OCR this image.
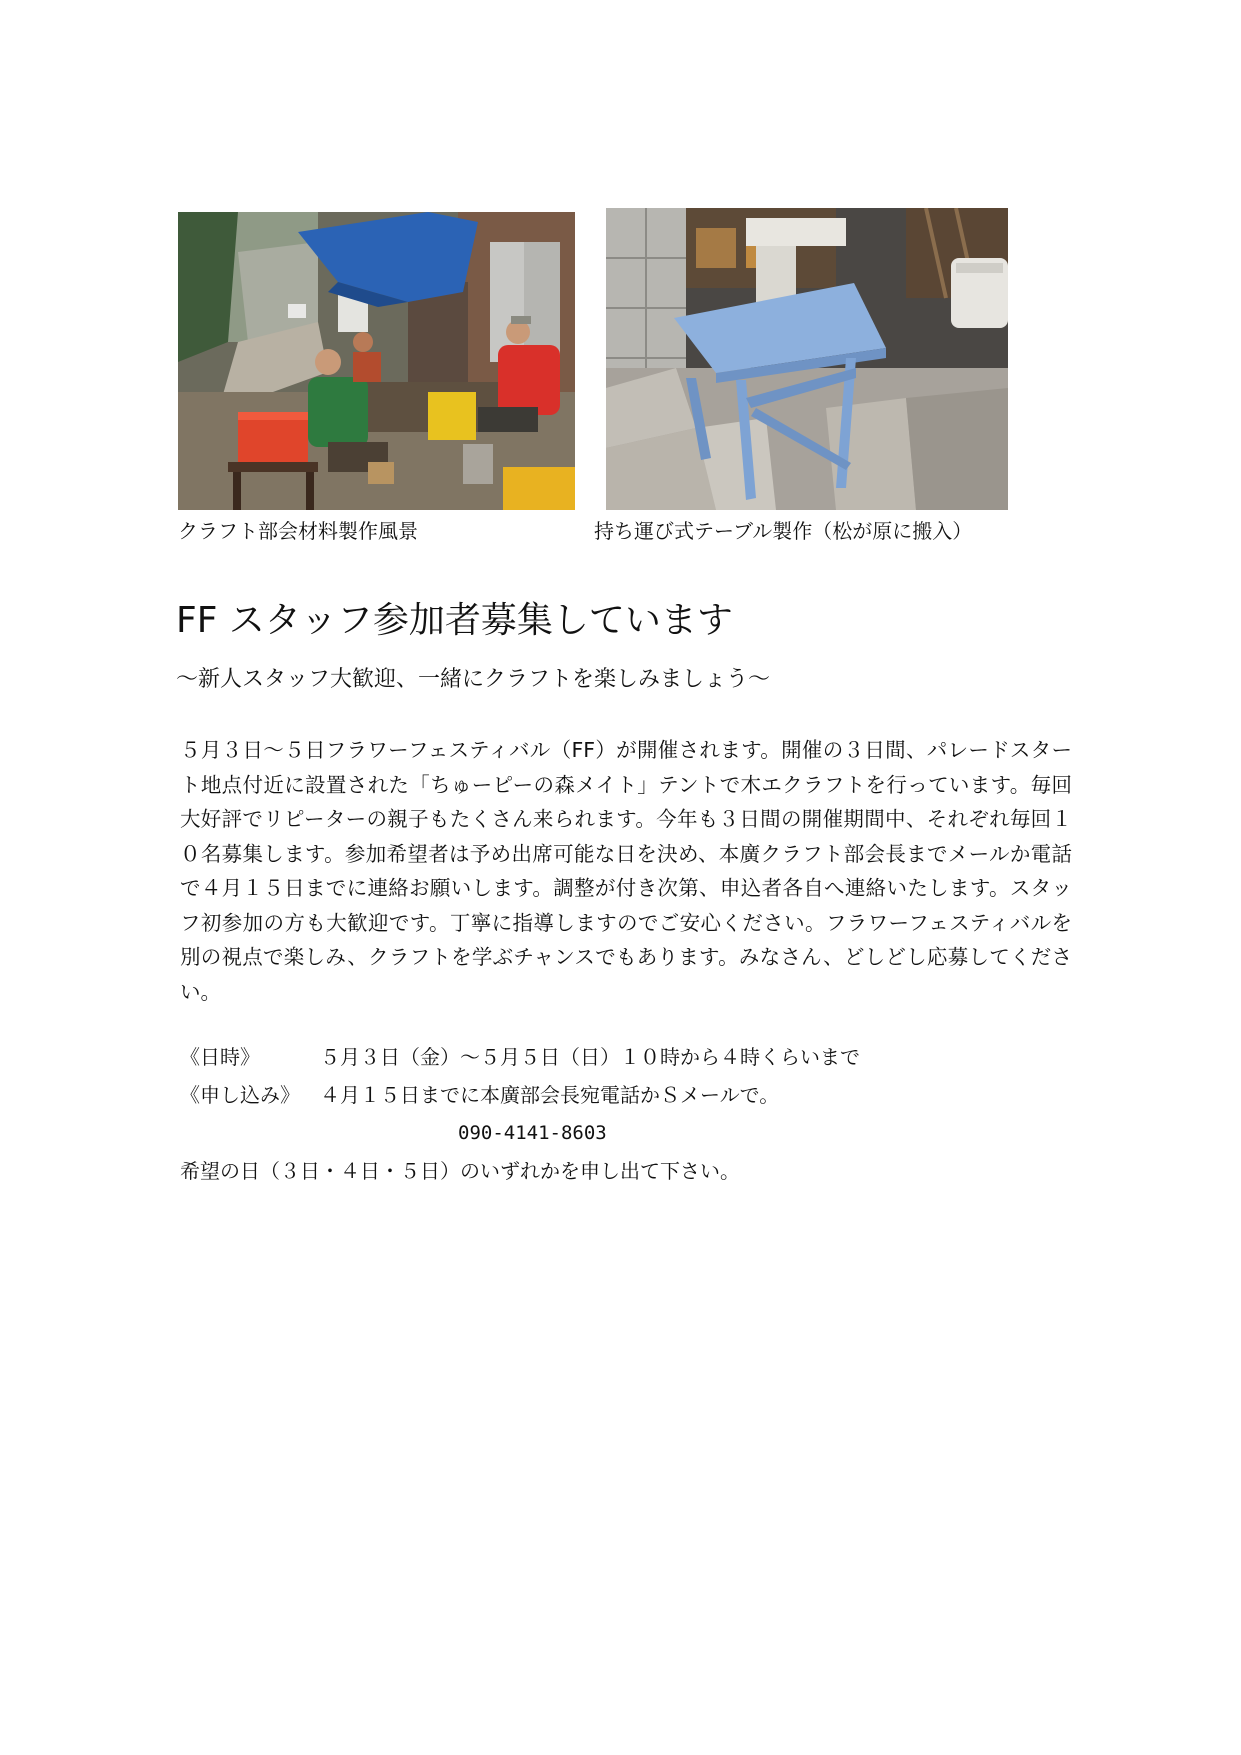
クラフト部会材料製作風景	持ち運び式テーブル製作（松が原に搬入）
FF スタッフ参加者募集しています
～新人スタッフ大歓迎、一緒にクラフトを楽しみましょう～
５月３日～５日フラワーフェスティバル（FF）が開催されます。開催の３日間、パレードスタート地点付近に設置された「ちゅーピーの森メイト」テントで木エクラフトを行っています。毎回大好評でリピーターの親子もたくさん来られます。今年も３日間の開催期間中、それぞれ毎回１０名募集します。参加希望者は予め出席可能な日を決め、本廣クラフト部会長までメールか電話で４月１５日までに連絡お願いします。調整が付き次第、申込者各自へ連絡いたします。スタッフ初参加の方も大歓迎です。丁寧に指導しますのでご安心ください。フラワーフェスティバルを別の視点で楽しみ、クラフトを学ぶチャンスでもあります。みなさん、どしどし応募してください。
《日時》	５月３日（金）～５月５日（日）１０時から４時くらいまで
《申し込み》 ４月１５日までに本廣部会長宛電話かＳメールで。
090-4141-8603
希望の日（３日・４日・５日）のいずれかを申し出て下さい。
